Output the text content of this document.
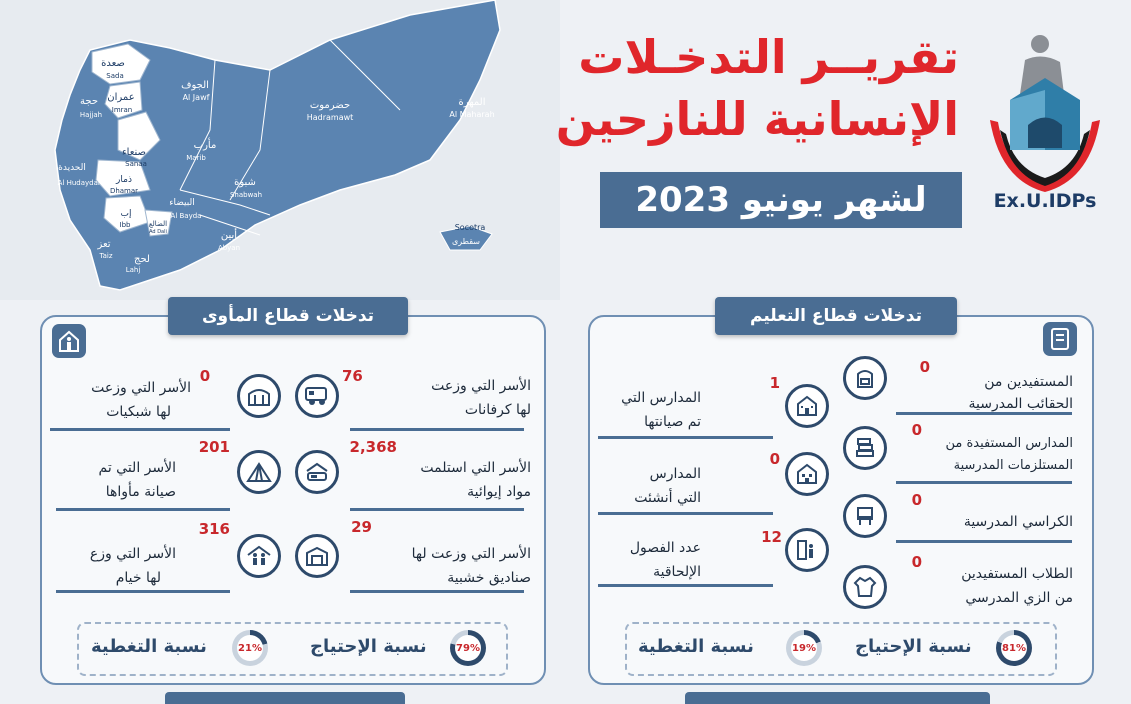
صعدة
Sada
الجوف
Al Jawf
عمران
Imran
حجة
Hajjah
حضرموت
Hadramawt
المهرة
Al Maharah
مأرب
Marib
صنعاء
Sanaa
ذمار
Dhamar
الحديدة
Al Hudaydah	شبوة
Shabwah
البيضاء
Al Bayda
إب
Ibb
تعز
Taiz لحج
Lahj
أبين
Abyan
الضالع
Ad Dali	Socotra
سقطرى
تقريــر التدخـلات
الإنسانية للنازحين
لشهر يونيو 2023	Ex.U.IDPs
تدخلات قطاع المأوى
76
الأسر التي وزعت
لها كرفانات
0
الأسر التي وزعت
لها شبكيات
2,368
الأسر التي استلمت
مواد إيوائية
201
الأسر التي تم
صيانة مأواها
29
الأسر التي وزعت لها
صناديق خشبية
316
الأسر التي وزع
لها خيام
نسبة الإحتياج	79%
نسبة التغطية	21%
تدخلات قطاع التعليم
0
المستفيدين من
الحقائب المدرسية
0
المدارس المستفيدة من
المستلزمات المدرسية
0
الكراسي المدرسية
0
الطلاب المستفيدين
من الزي المدرسي
1
المدارس التي
تم صيانتها
0
المدارس
التي أنشئت
12
عدد الفصول
الإلحاقية
نسبة الإحتياج	81%
نسبة التغطية	19%
